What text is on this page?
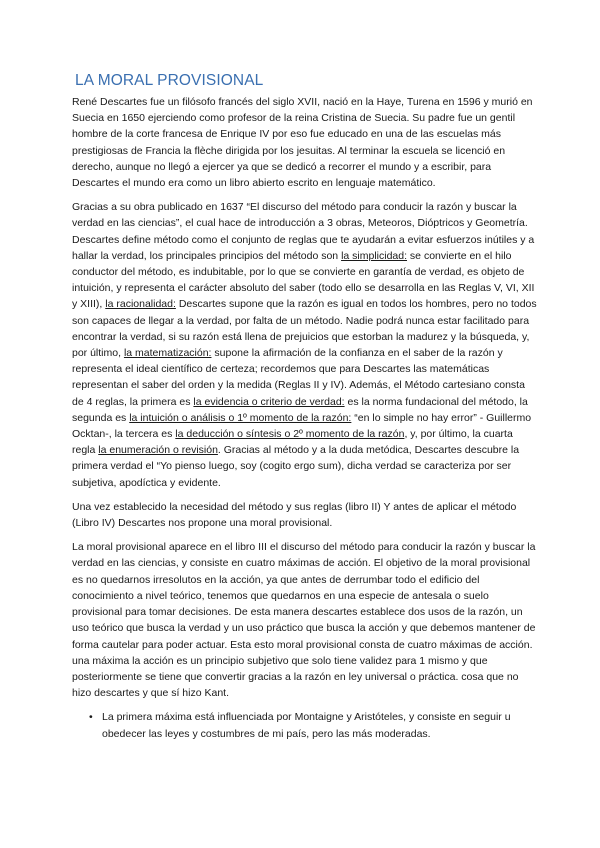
LA MORAL PROVISIONAL

René Descartes fue un filósofo francés del siglo XVII, nació en la Haye, Turena en 1596 y murió en Suecia en 1650 ejerciendo como profesor de la reina Cristina de Suecia. Su padre fue un gentil hombre de la corte francesa de Enrique IV por eso fue educado en una de las escuelas más prestigiosas de Francia la flèche dirigida por los jesuitas. Al terminar la escuela se licenció en derecho, aunque no llegó a ejercer ya que se dedicó a recorrer el mundo y a escribir, para Descartes el mundo era como un libro abierto escrito en lenguaje matemático.

Gracias a su obra publicado en 1637 “El discurso del método para conducir la razón y buscar la verdad en las ciencias”, el cual hace de introducción a 3 obras, Meteoros, Dióptricos y Geometría. Descartes define método como el conjunto de reglas que te ayudarán a evitar esfuerzos inútiles y a hallar la verdad, los principales principios del método son la simplicidad: se convierte en el hilo conductor del método, es indubitable, por lo que se convierte en garantía de verdad, es objeto de intuición, y representa el carácter absoluto del saber (todo ello se desarrolla en las Reglas V, VI, XII y XIII), la racionalidad: Descartes supone que la razón es igual en todos los hombres, pero no todos son capaces de llegar a la verdad, por falta de un método. Nadie podrá nunca estar facilitado para encontrar la verdad, si su razón está llena de prejuicios que estorban la madurez y la búsqueda, y, por último, la matematización: supone la afirmación de la confianza en el saber de la razón y representa el ideal científico de certeza; recordemos que para Descartes las matemáticas representan el saber del orden y la medida (Reglas II y IV). Además, el Método cartesiano consta de 4 reglas, la primera es la evidencia o criterio de verdad: es la norma fundacional del método, la segunda es la intuición o análisis o 1º momento de la razón: “en lo simple no hay error” - Guillermo Ocktan-, la tercera es la deducción o síntesis o 2º momento de la razón, y, por último, la cuarta regla la enumeración o revisión. Gracias al método y a la duda metódica, Descartes descubre la primera verdad el “Yo pienso luego, soy (cogito ergo sum), dicha verdad se caracteriza por ser subjetiva, apodíctica y evidente.

Una vez establecido la necesidad del método y sus reglas (libro II) Y antes de aplicar el método (Libro IV) Descartes nos propone una moral provisional.

La moral provisional aparece en el libro III el discurso del método para conducir la razón y buscar la verdad en las ciencias, y consiste en cuatro máximas de acción. El objetivo de la moral provisional es no quedarnos irresolutos en la acción, ya que antes de derrumbar todo el edificio del conocimiento a nivel teórico, tenemos que quedarnos en una especie de antesala o suelo provisional para tomar decisiones. De esta manera descartes establece dos usos de la razón, un uso teórico que busca la verdad y un uso práctico que busca la acción y que debemos mantener de forma cautelar para poder actuar. Esta esto moral provisional consta de cuatro máximas de acción. una máxima la acción es un principio subjetivo que solo tiene validez para 1 mismo y que posteriormente se tiene que convertir gracias a la razón en ley universal o práctica. cosa que no hizo descartes y que sí hizo Kant.

• La primera máxima está influenciada por Montaigne y Aristóteles, y consiste en seguir u obedecer las leyes y costumbres de mi país, pero las más moderadas.
